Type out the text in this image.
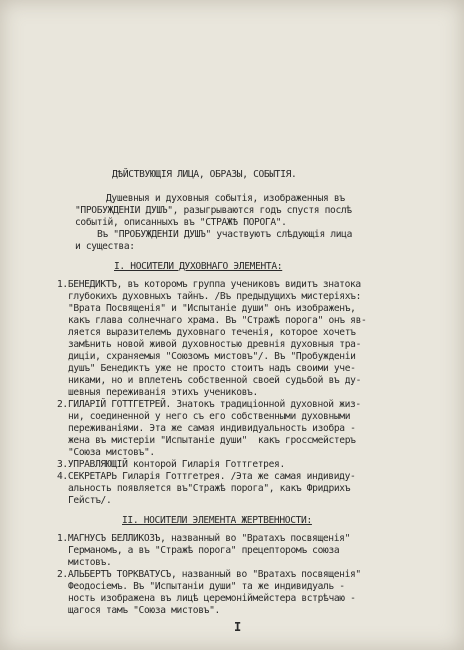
ДѢЙСТВУЮЩІЯ ЛИЦА, ОБРАЗЫ, СОБЫТІЯ.
Душевныя и духовныя событія, изображенныя въ
"ПРОБУЖДЕНІИ ДУШЪ", разыгрываются годъ спустя послѣ
событій, описанныхъ въ "СТРАЖѢ ПОРОГА".
Въ "ПРОБУЖДЕНІИ ДУШЪ" участвуютъ слѣдующія лица
и существа:
I. НОСИТЕЛИ ДУХОВНАГО ЭЛЕМЕНТА:
1.БЕНЕДИКТЪ, въ которомъ группа учениковъ видитъ знатока
глубокихъ духовныхъ тайнъ. /Въ предыдущихъ мистеріяхъ:
"Врата Посвященія" и "Испытаніе души" онъ изображенъ,
какъ глава солнечнаго храма. Въ "Стражѣ порога" онъ яв-
ляется выразителемъ духовнаго теченія, которое хочетъ
замѣнить новой живой духовностью древнія духовныя тра-
диціи, схраняемыя "Союзомъ мистовъ"/. Въ "Пробужденіи
душъ" Бенедиктъ уже не просто стоитъ надъ своими уче-
никами, но и вплетенъ собственной своей судьбой въ ду-
шевныя переживанія этихъ учениковъ.
2.ГИЛАРІЙ ГОТТГЕТРЕЙ. Знатокъ традиціонной духовной жиз-
ни, соединенной у него съ его собственными духовными
переживаніями. Эта же самая индивидуальность изобра -
жена въ мистеріи "Испытаніе души"  какъ гроссмейстеръ
"Союза мистовъ".
3.УПРАВЛЯЮЩІЙ конторой Гиларія Готтгетрея.
4.СЕКРЕТАРЬ Гиларія Готтгетрея. /Эта же самая индивиду-
альность появляется въ"Стражѣ порога", какъ Фридрихъ
Гейстъ/.
II. НОСИТЕЛИ ЭЛЕМЕНТА ЖЕРТВЕННОСТИ:
1.МАГНУСЪ БЕЛЛИКОЗЪ, названный во "Вратахъ посвященія"
Германомъ, а въ "Стражѣ порога" прецепторомъ союза
мистовъ.
2.АЛЬБЕРТЪ ТОРКВАТУСЪ, названный во "Вратахъ посвященія"
Феодосіемъ. Въ "Испытаніи души" та же индивидуаль -
ность изображена въ лицѣ церемоніймейстера встрѣчаю -
щагося тамъ "Союза мистовъ".
I
